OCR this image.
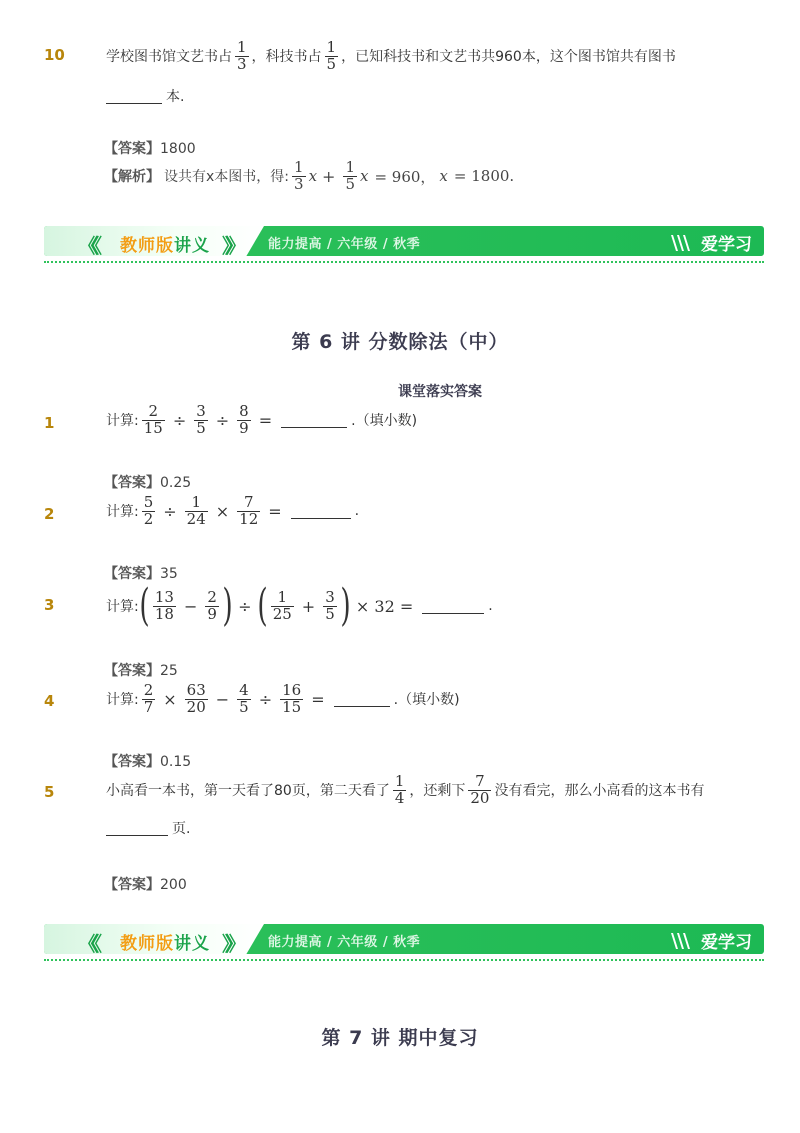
10	学校图书馆文艺书占 $\frac{1}{3}$ ，科技书占 $\frac{1}{5}$ ，已知科技书和文艺书共960本，这个图书馆共有图书
本.
【答案】1800
【解析】 设共有x本图书，得: $\frac{1}{3}$ $x + \frac{1}{5}$ x = 960， x = 1800.
《《 教师版讲义 》》 能力提高 / 六年级 / 秋季	爱学习
第 6 讲 分数除法（中）
课堂落实答案
1	计算: $\frac{2}{15} \div \frac{3}{5} \div \frac{8}{9}$ =	.（填小数)
【答案】0.25
2	计算: $\frac{5}{2} \div \frac{1}{24} \times \frac{7}{12}$ =	.
【答案】35
3	计算: ( $\frac{13}{18} - \frac{2}{9}$ ) ÷ ( $\frac{1}{25} + \frac{3}{5}$ ) × 32 =	.
【答案】25
4	计算: $\frac{2}{7} \times \frac{63}{20} - \frac{4}{5} \div \frac{16}{15}$ =	.（填小数)
【答案】0.15
5	小高看一本书，第一天看了80页，第二天看了 $\frac{1}{4}$ ，还剩下 $\frac{7}{20}$ 没有看完，那么小高看的这本书有
页.
【答案】200
《《 教师版讲义 》》 能力提高 / 六年级 / 秋季	爱学习
第 7 讲 期中复习
